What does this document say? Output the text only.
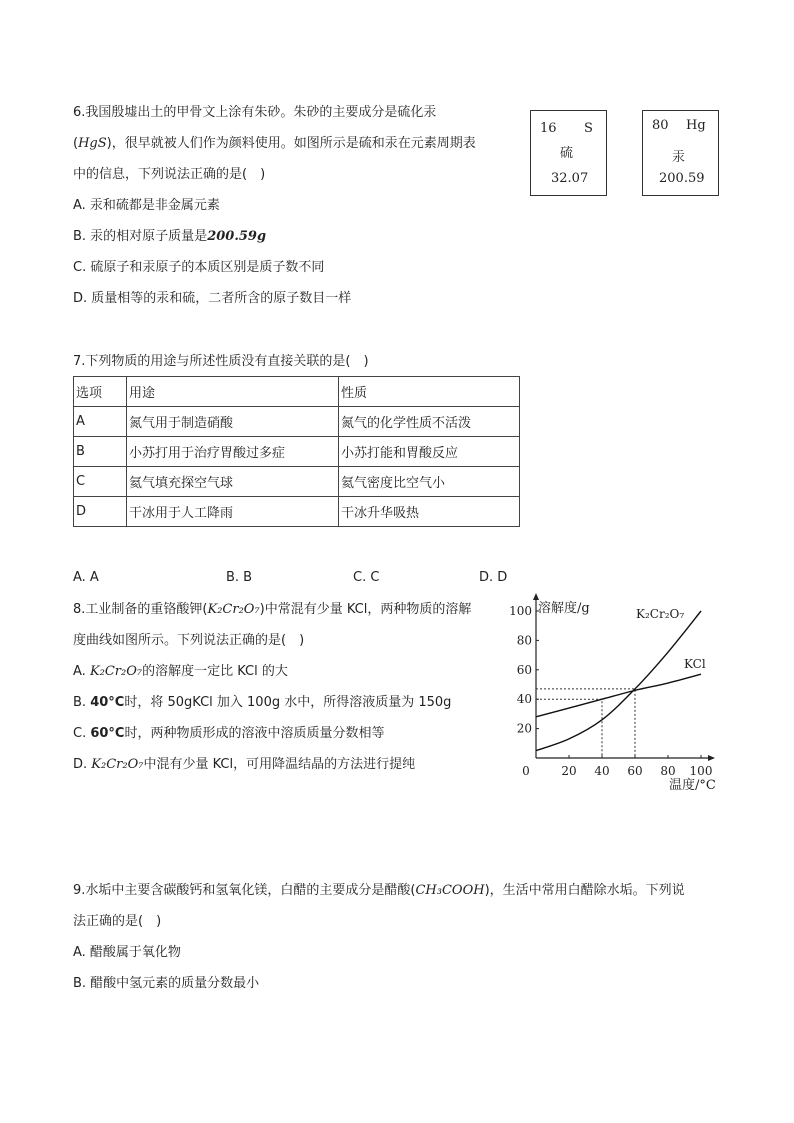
6.我国殷墟出土的甲骨文上涂有朱砂。朱砂的主要成分是硫化汞
(HgS)，很早就被人们作为颜料使用。如图所示是硫和汞在元素周期表
中的信息，下列说法正确的是(　)
A. 汞和硫都是非金属元素
B. 汞的相对原子质量是200.59g
C. 硫原子和汞原子的本质区别是质子数不同
D. 质量相等的汞和硫，二者所含的原子数目一样
16 S
硫
32.07
80 Hg
汞
200.59
7.下列物质的用途与所述性质没有直接关联的是(　)
选项	用途	性质
A	氮气用于制造硝酸	氮气的化学性质不活泼
B	小苏打用于治疗胃酸过多症	小苏打能和胃酸反应
C	氦气填充探空气球	氦气密度比空气小
D	干冰用于人工降雨	干冰升华吸热
A. A	B. B	C. C	D. D
8.工业制备的重铬酸钾(K₂Cr₂O₇)中常混有少量 KCl，两种物质的溶解
度曲线如图所示。下列说法正确的是(　)
A. K₂Cr₂O₇的溶解度一定比 KCl 的大
B. 40°C时，将 50gKCl 加入 100g 水中，所得溶液质量为 150g
C. 60°C时，两种物质形成的溶液中溶质质量分数相等
D. K₂Cr₂O₇中混有少量 KCl，可用降温结晶的方法进行提纯	20 40 60 80 100
20
40
60
80
100
0
溶解度/g
温度/°C
K₂Cr₂O₇
KCl
9.水垢中主要含碳酸钙和氢氧化镁，白醋的主要成分是醋酸(CH₃COOH)，生活中常用白醋除水垢。下列说
法正确的是(　)
A. 醋酸属于氧化物
B. 醋酸中氢元素的质量分数最小
